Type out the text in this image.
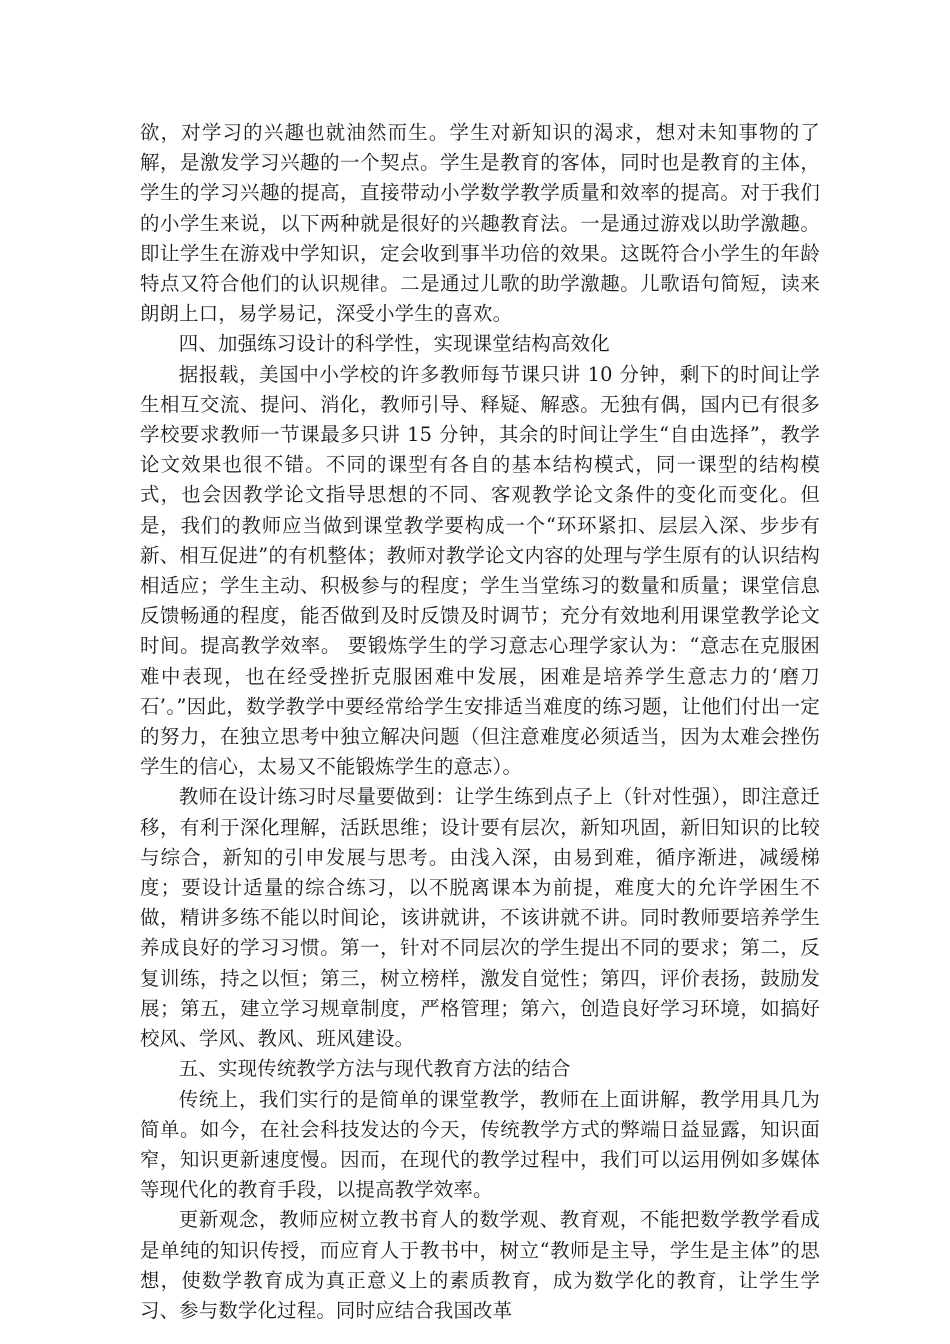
欲，对学习的兴趣也就油然而生。学生对新知识的渴求，想对未知事物的了解，是激发学习兴趣的一个契点。学生是教育的客体，同时也是教育的主体，学生的学习兴趣的提高，直接带动小学数学教学质量和效率的提高。对于我们的小学生来说，以下两种就是很好的兴趣教育法。一是通过游戏以助学激趣。即让学生在游戏中学知识，定会收到事半功倍的效果。这既符合小学生的年龄特点又符合他们的认识规律。二是通过儿歌的助学激趣。儿歌语句简短，读来朗朗上口，易学易记，深受小学生的喜欢。

四、加强练习设计的科学性，实现课堂结构高效化

据报载，美国中小学校的许多教师每节课只讲 10 分钟，剩下的时间让学生相互交流、提问、消化，教师引导、释疑、解惑。无独有偶，国内已有很多学校要求教师一节课最多只讲 15 分钟，其余的时间让学生“自由选择”，教学论文效果也很不错。不同的课型有各自的基本结构模式，同一课型的结构模式，也会因教学论文指导思想的不同、客观教学论文条件的变化而变化。但是，我们的教师应当做到课堂教学要构成一个“环环紧扣、层层入深、步步有新、相互促进”的有机整体；教师对教学论文内容的处理与学生原有的认识结构相适应；学生主动、积极参与的程度；学生当堂练习的数量和质量；课堂信息反馈畅通的程度，能否做到及时反馈及时调节；充分有效地利用课堂教学论文时间。提高教学效率。 要锻炼学生的学习意志心理学家认为：“意志在克服困难中表现，也在经受挫折克服困难中发展，困难是培养学生意志力的‘磨刀石’。”因此，数学教学中要经常给学生安排适当难度的练习题，让他们付出一定的努力，在独立思考中独立解决问题（但注意难度必须适当，因为太难会挫伤学生的信心，太易又不能锻炼学生的意志）。

教师在设计练习时尽量要做到：让学生练到点子上（针对性强），即注意迁移，有利于深化理解，活跃思维；设计要有层次，新知巩固，新旧知识的比较与综合，新知的引申发展与思考。由浅入深，由易到难，循序渐进，减缓梯度；要设计适量的综合练习，以不脱离课本为前提，难度大的允许学困生不做，精讲多练不能以时间论，该讲就讲，不该讲就不讲。同时教师要培养学生养成良好的学习习惯。第一，针对不同层次的学生提出不同的要求；第二，反复训练，持之以恒；第三，树立榜样，激发自觉性；第四，评价表扬，鼓励发展；第五，建立学习规章制度，严格管理；第六，创造良好学习环境，如搞好校风、学风、教风、班风建设。

五、实现传统教学方法与现代教育方法的结合

传统上，我们实行的是简单的课堂教学，教师在上面讲解，教学用具几为简单。如今，在社会科技发达的今天，传统教学方式的弊端日益显露，知识面窄，知识更新速度慢。因而，在现代的教学过程中，我们可以运用例如多媒体等现代化的教育手段，以提高教学效率。

更新观念，教师应树立教书育人的数学观、教育观，不能把数学教学看成是单纯的知识传授，而应育人于教书中，树立“教师是主导，学生是主体”的思想，使数学教育成为真正意义上的素质教育，成为数学化的教育，让学生学习、参与数学化过程。同时应结合我国改革
